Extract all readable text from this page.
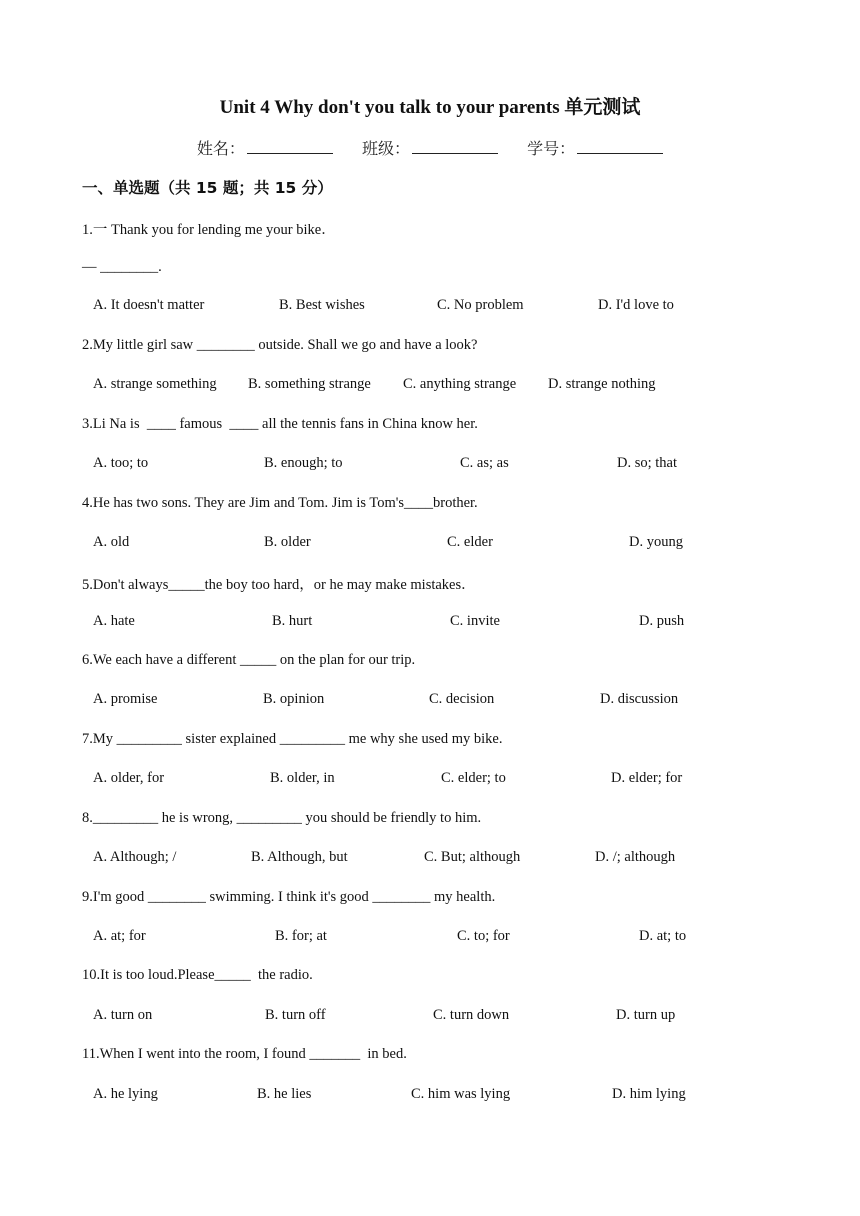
Unit 4 Why don't you talk to your parents 单元测试
姓名：	班级：	学号：
一、单选题（共 15 题；共 15 分）
1.一 Thank you for lending me your bike．
— ________.
A. It doesn't matter	B. Best wishes	C. No problem	D. I'd love to
2.My little girl saw ________ outside. Shall we go and have a look?
A. strange something B. something strange C. anything strange D. strange nothing
3.Li Na is  ____ famous  ____ all the tennis fans in China know her.
A. too; to	B. enough; to	C. as; as	D. so; that
4.He has two sons. They are Jim and Tom. Jim is Tom's____brother.
A. old	B. older	C. elder	D. young
5.Don't always_____the boy too hard，or he may make mistakes．
A. hate	B. hurt	C. invite	D. push
6.We each have a different _____ on the plan for our trip.
A. promise	B. opinion	C. decision	D. discussion
7.My _________ sister explained _________ me why she used my bike.
A. older, for	B. older, in	C. elder; to	D. elder; for
8._________ he is wrong, _________ you should be friendly to him.
A. Although; /	B. Although, but	C. But; although	D. /; although
9.I'm good ________ swimming. I think it's good ________ my health.
A. at; for	B. for; at	C. to; for	D. at; to
10.It is too loud.Please_____  the radio.
A. turn on	B. turn off	C. turn down	D. turn up
11.When I went into the room, I found _______  in bed.
A. he lying	B. he lies	C. him was lying	D. him lying
